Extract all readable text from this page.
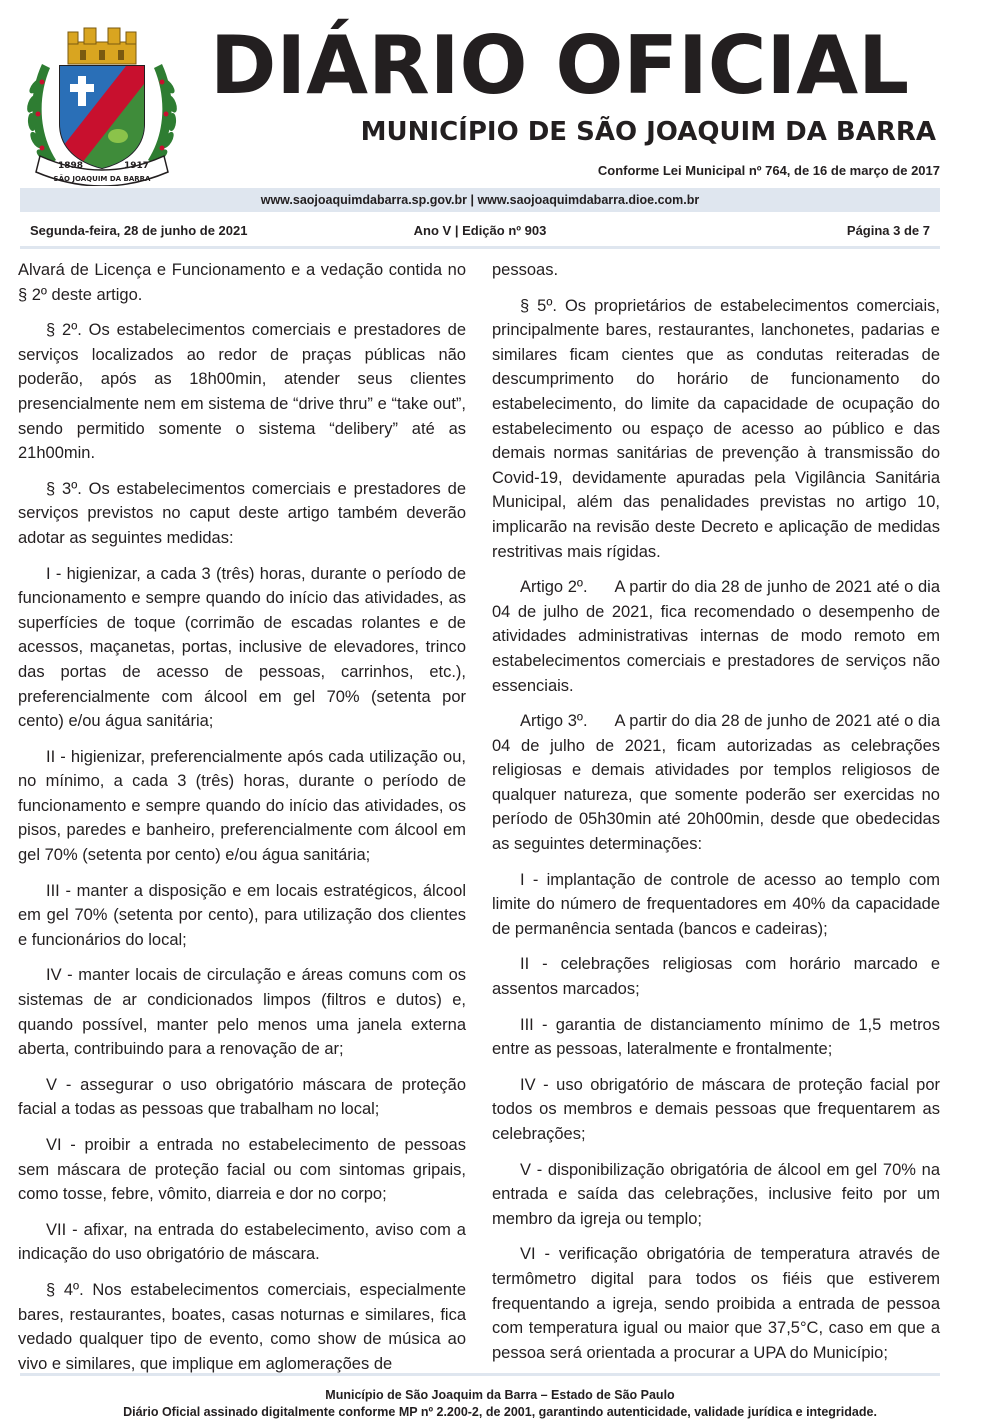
1898	1917
SÃO JOAQUIM DA BARRA
DIÁRIO OFICIAL
MUNICÍPIO DE SÃO JOAQUIM DA BARRA
Conforme Lei Municipal nº 764, de 16 de março de 2017
www.saojoaquimdabarra.sp.gov.br | www.saojoaquimdabarra.dioe.com.br
Ano V | Edição nº 903
Segunda-feira, 28 de junho de 2021	Página 3 de 7

Alvará de Licença e Funcionamento e a vedação contida no § 2º deste artigo.

§ 2º. Os estabelecimentos comerciais e prestadores de serviços localizados ao redor de praças públicas não poderão, após as 18h00min, atender seus clientes presencialmente nem em sistema de “drive thru” e “take out”, sendo permitido somente o sistema “delibery” até as 21h00min.

§ 3º. Os estabelecimentos comerciais e prestadores de serviços previstos no caput deste artigo também deverão adotar as seguintes medidas:

I - higienizar, a cada 3 (três) horas, durante o período de funcionamento e sempre quando do início das atividades, as superfícies de toque (corrimão de escadas rolantes e de acessos, maçanetas, portas, inclusive de elevadores, trinco das portas de acesso de pessoas, carrinhos, etc.), preferencialmente com álcool em gel 70% (setenta por cento) e/ou água sanitária;

II - higienizar, preferencialmente após cada utilização ou, no mínimo, a cada 3 (três) horas, durante o período de funcionamento e sempre quando do início das atividades, os pisos, paredes e banheiro, preferencialmente com álcool em gel 70% (setenta por cento) e/ou água sanitária;

III - manter a disposição e em locais estratégicos, álcool em gel 70% (setenta por cento), para utilização dos clientes e funcionários do local;

IV - manter locais de circulação e áreas comuns com os sistemas de ar condicionados limpos (filtros e dutos) e, quando possível, manter pelo menos uma janela externa aberta, contribuindo para a renovação de ar;

V - assegurar o uso obrigatório máscara de proteção facial a todas as pessoas que trabalham no local;

VI - proibir a entrada no estabelecimento de pessoas sem máscara de proteção facial ou com sintomas gripais, como tosse, febre, vômito, diarreia e dor no corpo;

VII - afixar, na entrada do estabelecimento, aviso com a indicação do uso obrigatório de máscara.

§ 4º. Nos estabelecimentos comerciais, especialmente bares, restaurantes, boates, casas noturnas e similares, fica vedado qualquer tipo de evento, como show de música ao vivo e similares, que implique em aglomerações de

pessoas.

§ 5º. Os proprietários de estabelecimentos comerciais, principalmente bares, restaurantes, lanchonetes, padarias e similares ficam cientes que as condutas reiteradas de descumprimento do horário de funcionamento do estabelecimento, do limite da capacidade de ocupação do estabelecimento ou espaço de acesso ao público e das demais normas sanitárias de prevenção à transmissão do Covid-19, devidamente apuradas pela Vigilância Sanitária Municipal, além das penalidades previstas no artigo 10, implicarão na revisão deste Decreto e aplicação de medidas restritivas mais rígidas.

Artigo 2º.      A partir do dia 28 de junho de 2021 até o dia 04 de julho de 2021, fica recomendado o desempenho de atividades administrativas internas de modo remoto em estabelecimentos comerciais e prestadores de serviços não essenciais.

Artigo 3º.      A partir do dia 28 de junho de 2021 até o dia 04 de julho de 2021, ficam autorizadas as celebrações religiosas e demais atividades por templos religiosos de qualquer natureza, que somente poderão ser exercidas no período de 05h30min até 20h00min, desde que obedecidas as seguintes determinações:

I - implantação de controle de acesso ao templo com limite do número de frequentadores em 40% da capacidade de permanência sentada (bancos e cadeiras);

II - celebrações religiosas com horário marcado e assentos marcados;

III - garantia de distanciamento mínimo de 1,5 metros entre as pessoas, lateralmente e frontalmente;

IV - uso obrigatório de máscara de proteção facial por todos os membros e demais pessoas que frequentarem as celebrações;

V - disponibilização obrigatória de álcool em gel 70% na entrada e saída das celebrações, inclusive feito por um membro da igreja ou templo;

VI - verificação obrigatória de temperatura através de termômetro digital para todos os fiéis que estiverem frequentando a igreja, sendo proibida a entrada de pessoa com temperatura igual ou maior que 37,5°C, caso em que a pessoa será orientada a procurar a UPA do Município;

Município de São Joaquim da Barra – Estado de São Paulo
Diário Oficial assinado digitalmente conforme MP nº 2.200-2, de 2001, garantindo autenticidade, validade jurídica e integridade.
